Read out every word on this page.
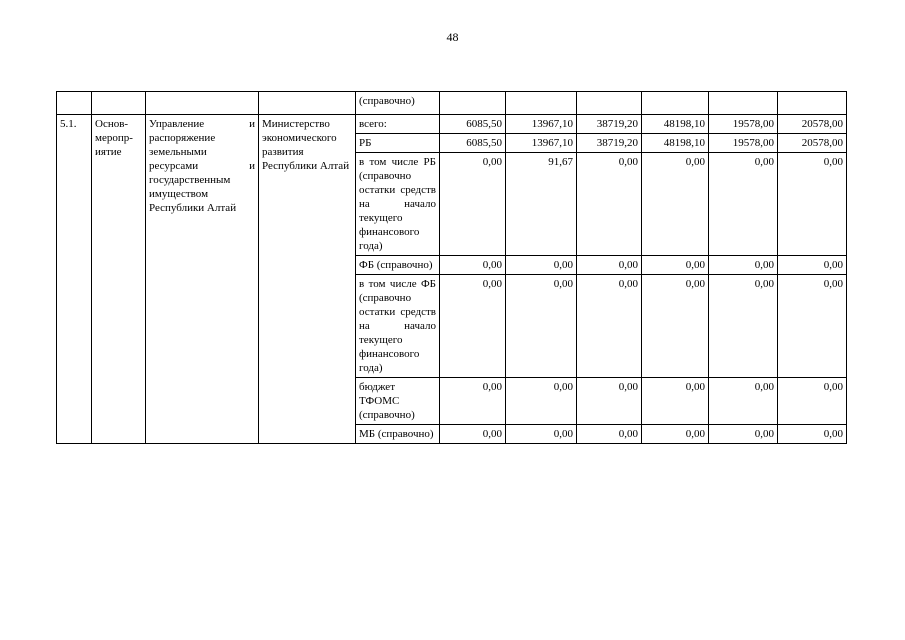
48
				(справочно)						
5.1.	Основ-меропр-иятие	Управление и распоряжение земельными ресурсами и государственным имуществом Республики Алтай	Министерство экономического развития Республики Алтай	всего:	6085,50	13967,10	38719,20	48198,10	19578,00	20578,00
				РБ	6085,50	13967,10	38719,20	48198,10	19578,00	20578,00
				в том числе РБ (справочно остатки средств на начало текущего финансового года)	0,00	91,67	0,00	0,00	0,00	0,00
				ФБ (справочно)	0,00	0,00	0,00	0,00	0,00	0,00
				в том числе ФБ (справочно остатки средств на начало текущего финансового года)	0,00	0,00	0,00	0,00	0,00	0,00
				бюджет ТФОМС (справочно)	0,00	0,00	0,00	0,00	0,00	0,00
				МБ (справочно)	0,00	0,00	0,00	0,00	0,00	0,00
